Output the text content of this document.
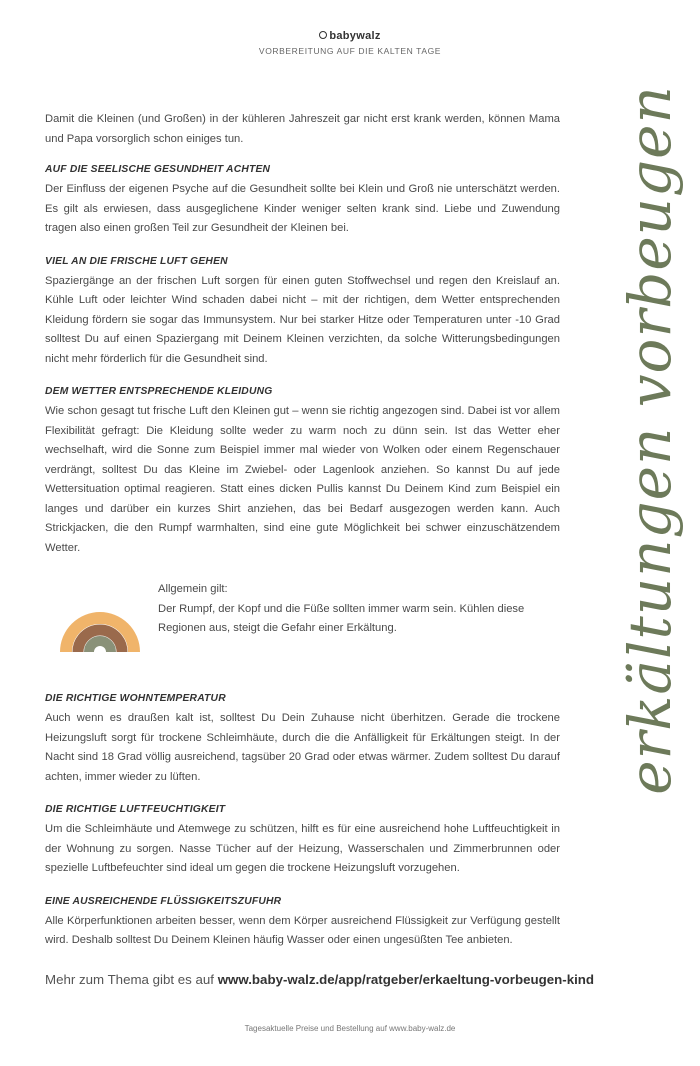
babywalz
VORBEREITUNG AUF DIE KALTEN TAGE

Damit die Kleinen (und Großen) in der kühleren Jahreszeit gar nicht erst krank werden, können Mama und Papa vorsorglich schon einiges tun.

AUF DIE SEELISCHE GESUNDHEIT ACHTEN

Der Einfluss der eigenen Psyche auf die Gesundheit sollte bei Klein und Groß nie unterschätzt werden. Es gilt als erwiesen, dass ausgeglichene Kinder weniger selten krank sind. Liebe und Zuwendung tragen also einen großen Teil zur Gesundheit der Kleinen bei.

VIEL AN DIE FRISCHE LUFT GEHEN

Spaziergänge an der frischen Luft sorgen für einen guten Stoffwechsel und regen den Kreislauf an. Kühle Luft oder leichter Wind schaden dabei nicht – mit der richtigen, dem Wetter entsprechenden Kleidung fördern sie sogar das Immunsystem. Nur bei starker Hitze oder Temperaturen unter -10 Grad solltest Du auf einen Spaziergang mit Deinem Kleinen verzichten, da solche Witterungsbedingungen nicht mehr förderlich für die Gesundheit sind.

DEM WETTER ENTSPRECHENDE KLEIDUNG

Wie schon gesagt tut frische Luft den Kleinen gut – wenn sie richtig angezogen sind. Dabei ist vor allem Flexibilität gefragt: Die Kleidung sollte weder zu warm noch zu dünn sein. Ist das Wetter eher wechselhaft, wird die Sonne zum Beispiel immer mal wieder von Wolken oder einem Regenschauer verdrängt, solltest Du das Kleine im Zwiebel- oder Lagenlook anziehen. So kannst Du auf jede Wettersituation optimal reagieren. Statt eines dicken Pullis kannst Du Deinem Kind zum Beispiel ein langes und darüber ein kurzes Shirt anziehen, das bei Bedarf ausgezogen werden kann. Auch Strickjacken, die den Rumpf warmhalten, sind eine gute Möglichkeit bei schwer einzuschätzendem Wetter.

Allgemein gilt:

Der Rumpf, der Kopf und die Füße sollten immer warm sein. Kühlen diese Regionen aus, steigt die Gefahr einer Erkältung.

DIE RICHTIGE WOHNTEMPERATUR

Auch wenn es draußen kalt ist, solltest Du Dein Zuhause nicht überhitzen. Gerade die trockene Heizungsluft sorgt für trockene Schleimhäute, durch die die Anfälligkeit für Erkältungen steigt. In der Nacht sind 18 Grad völlig ausreichend, tagsüber 20 Grad oder etwas wärmer. Zudem solltest Du darauf achten, immer wieder zu lüften.

DIE RICHTIGE LUFTFEUCHTIGKEIT

Um die Schleimhäute und Atemwege zu schützen, hilft es für eine ausreichend hohe Luftfeuchtigkeit in der Wohnung zu sorgen. Nasse Tücher auf der Heizung, Wasserschalen und Zimmerbrunnen oder spezielle Luftbefeuchter sind ideal um gegen die trockene Heizungsluft vorzugehen.

EINE AUSREICHENDE FLÜSSIGKEITSZUFUHR

Alle Körperfunktionen arbeiten besser, wenn dem Körper ausreichend Flüssigkeit zur Verfügung gestellt wird. Deshalb solltest Du Deinem Kleinen häufig Wasser oder einen ungesüßten Tee anbieten.

Mehr zum Thema gibt es auf www.baby-walz.de/app/ratgeber/erkaeltung-vorbeugen-kind
Tagesaktuelle Preise und Bestellung auf www.baby-walz.de
erkältungen vorbeugen
